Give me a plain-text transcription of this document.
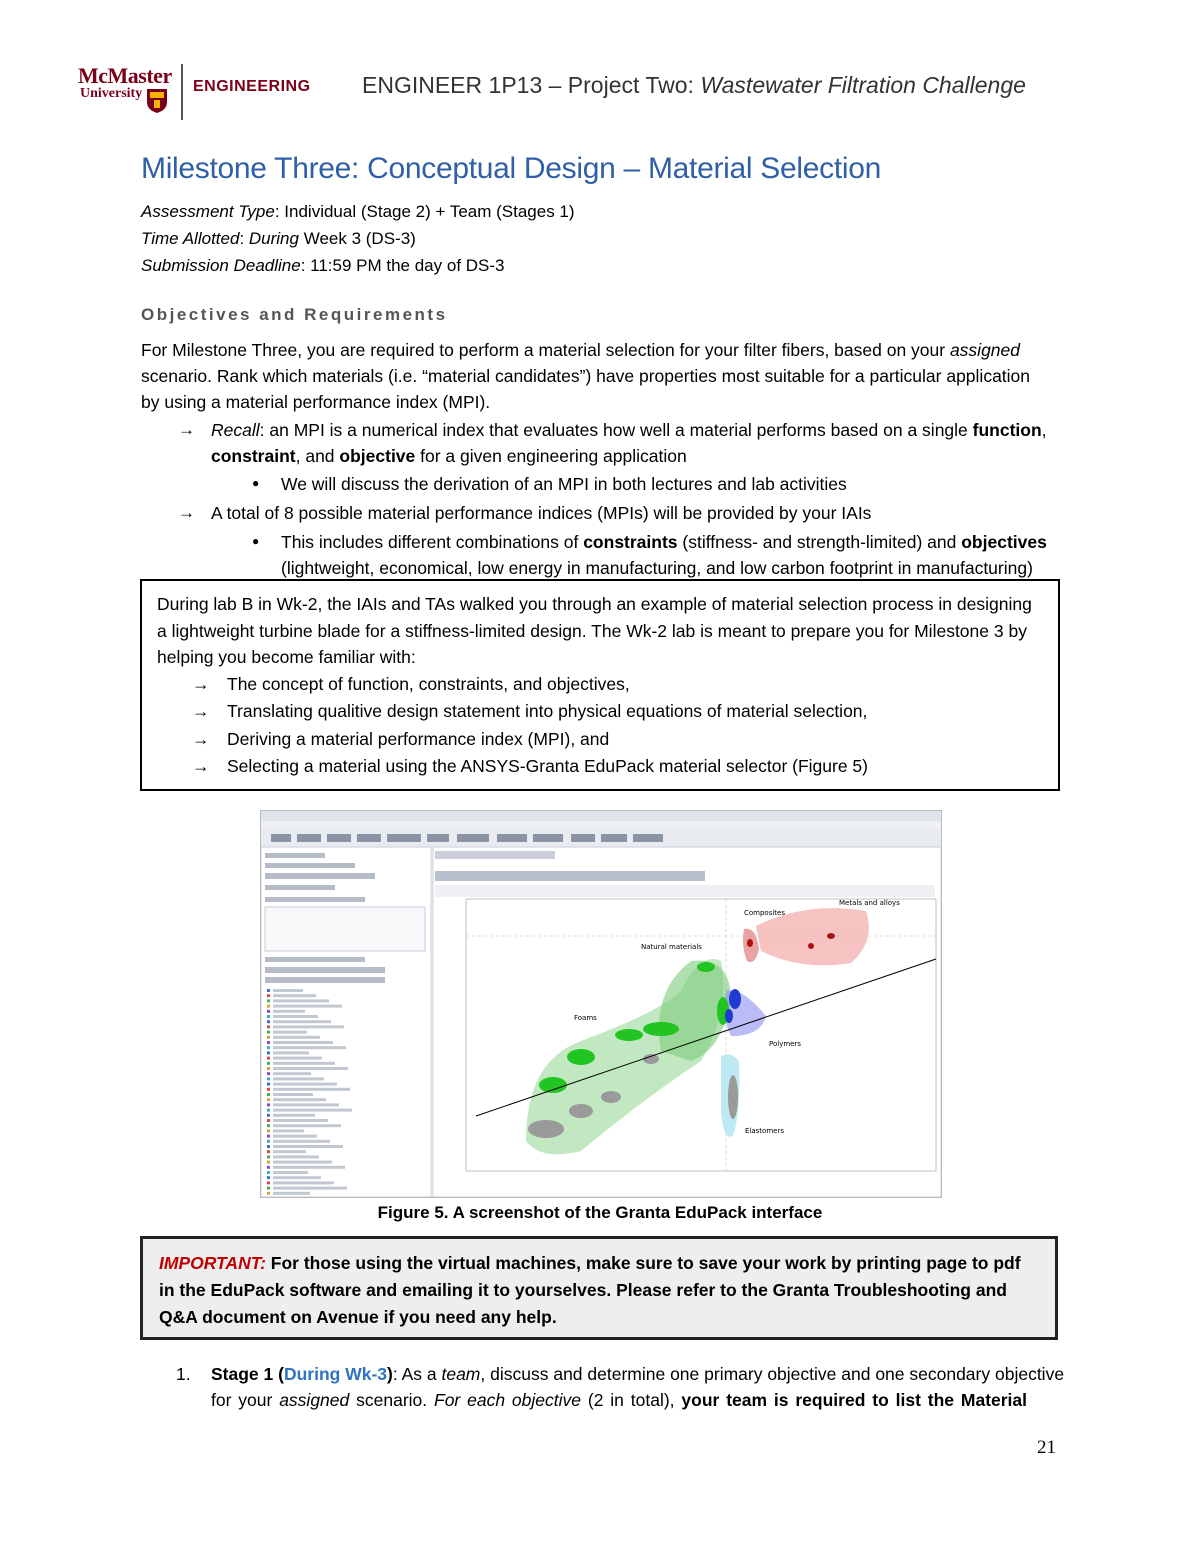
McMaster
University	ENGINEERING ENGINEER 1P13 – Project Two: Wastewater Filtration Challenge
Milestone Three: Conceptual Design – Material Selection
Assessment Type: Individual (Stage 2) + Team (Stages 1)
Time Allotted: During Week 3 (DS-3)
Submission Deadline: 11:59 PM the day of DS-3
Objectives and Requirements
For Milestone Three, you are required to perform a material selection for your filter fibers, based on your assigned
scenario. Rank which materials (i.e. “material candidates”) have properties most suitable for a particular application
by using a material performance index (MPI).
→ Recall: an MPI is a numerical index that evaluates how well a material performs based on a single function,
constraint, and objective for a given engineering application
● We will discuss the derivation of an MPI in both lectures and lab activities
→ A total of 8 possible material performance indices (MPIs) will be provided by your IAIs
● This includes different combinations of constraints (stiffness- and strength-limited) and objectives
(lightweight, economical, low energy in manufacturing, and low carbon footprint in manufacturing)
During lab B in Wk-2, the IAIs and TAs walked you through an example of material selection process in designing
a lightweight turbine blade for a stiffness-limited design. The Wk-2 lab is meant to prepare you for Milestone 3 by
helping you become familiar with:
→ The concept of function, constraints, and objectives,
→ Translating qualitive design statement into physical equations of material selection,
→ Deriving a material performance index (MPI), and
→ Selecting a material using the ANSYS-Granta EduPack material selector (Figure 5)
Composites
Metals and alloys
Natural materials
Foams
Polymers
Elastomers
Figure 5. A screenshot of the Granta EduPack interface
IMPORTANT: For those using the virtual machines, make sure to save your work by printing page to pdf
in the EduPack software and emailing it to yourselves. Please refer to the Granta Troubleshooting and
Q&A document on Avenue if you need any help.
1. Stage 1 (During Wk-3): As a team, discuss and determine one primary objective and one secondary objective
for your assigned scenario. For each objective (2 in total), your team is required to list the Material
21
